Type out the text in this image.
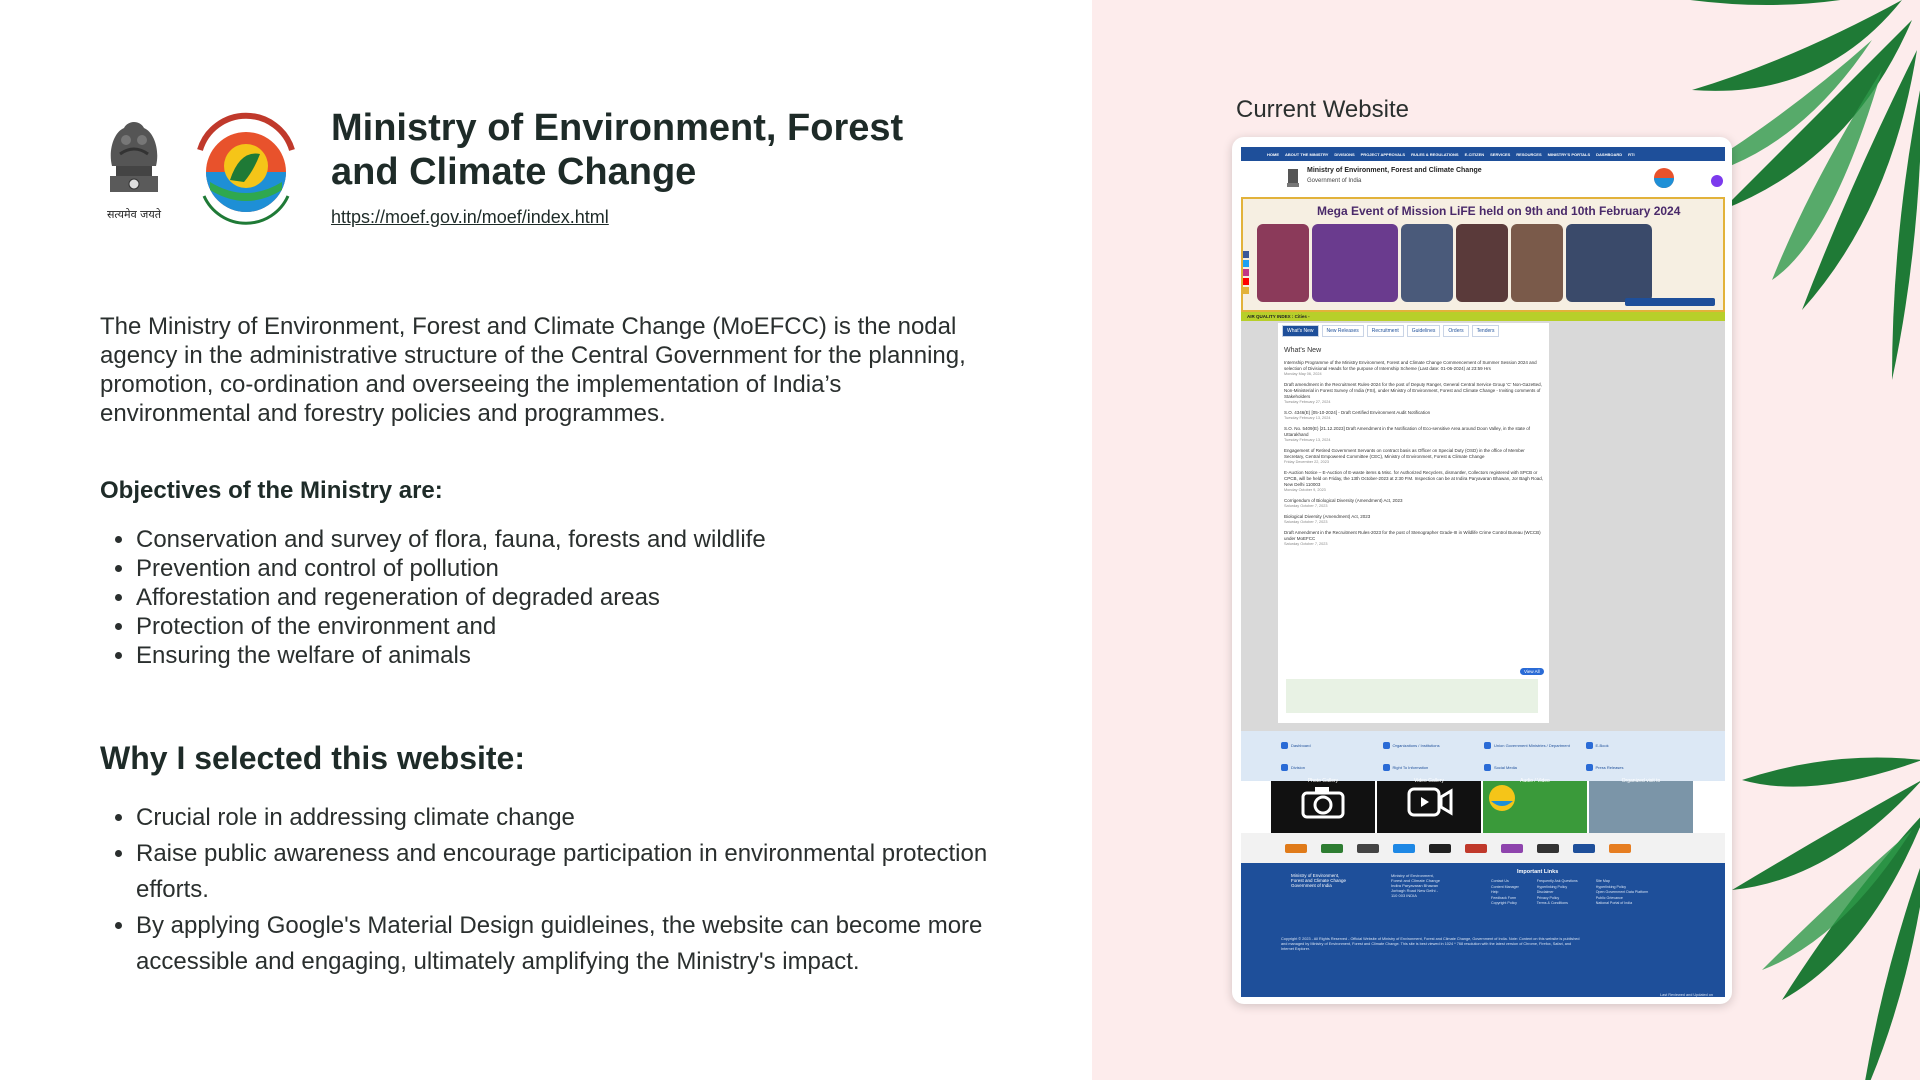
सत्यमेव जयते
Ministry of Environment, Forest
and Climate Change
https://moef.gov.in/moef/index.html

The Ministry of Environment, Forest and Climate Change (MoEFCC) is the nodal agency in the administrative structure of the Central Government for the planning, promotion, co-ordination and overseeing the implementation of India’s environmental and forestry policies and programmes.

Objectives of the Ministry are:
• Conservation and survey of flora, fauna, forests and wildlife
• Prevention and control of pollution
• Afforestation and regeneration of degraded areas
• Protection of the environment and
• Ensuring the welfare of animals
Why I selected this website:
• Crucial role in addressing climate change
• Raise public awareness and encourage participation in environmental protection efforts.
• By applying Google's Material Design guidleines, the website can become more accessible and engaging, ultimately amplifying the Ministry's impact.
Current Website
HOME ABOUT THE MINISTRY DIVISIONS PROJECT APPROVALS RULES & REGULATIONS E-CITIZEN SERVICES RESOURCES MINISTRY'S PORTALS DASHBOARD RTI
Ministry of Environment, Forest and Climate Change
Government of India
Mega Event of Mission LiFE held on 9th and 10th February 2024
AIR QUALITY INDEX : Cities -
What's New	New Releases	Recruitment	Guidelines	Orders	Tenders
What's New
Internship Programme of the Ministry Environment, Forest and Climate Change Commencement of Summer Session 2024 and selection of Divisional Heads for the purpose of Internship Scheme (Last date: 01-06-2024) at 23:59 Hrs
Monday May 06, 2024
Draft amendment in the Recruitment Rules-2024 for the post of Deputy Ranger, General Central Service Group 'C' Non-Gazetted, Non-Ministerial in Forest Survey of India (FSI), under Ministry of Environment, Forest and Climate Change - Inviting comments of Stakeholders
Tuesday February 27, 2024
S.O. 4346(E) [05-10-2024] - Draft Certified Environment Audit Notification
Tuesday February 13, 2024
S.O. No. 5409(E) [21.12.2023] Draft Amendment in the Notification of Eco-sensitive Area around Doon Valley, in the state of Uttarakhand
Tuesday February 13, 2024
Engagement of Retired Government Servants on contract basis as Officer on Special Duty (OSD) in the office of Member Secretary, Central Empowered Committee (CEC), Ministry of Environment, Forest & Climate Change
Friday December 22, 2023
E-Auction Notice – E-Auction of E-waste items & Misc. for Authorized Recyclers, dismantler, Collectors registered with SPCB or CPCB, will be held on Friday, the 13th October-2023 at 2:30 P.M. Inspection can be at Indira Paryavaran Bhawan, Jor Bagh Road, New Delhi 110003
Monday October 9, 2023
Corrigendum of Biological Diversity (Amendment) Act, 2023
Saturday October 7, 2023
Biological Diversity (Amendment) Act, 2023
Saturday October 7, 2023
Draft Amendment in the Recruitment Rules-2023 for the post of Stenographer Grade-III in Wildlife Crime Control Bureau (WCCB) under MoEFCC
Saturday October 7, 2023
View All
Dashboard	Organizations / Institutions	Union Government Ministries / Department	E-Book
Division	Right To Information	Social Media	Press Releases
Photo Gallery	Video Gallery	Audio / Video	Organized visit to
Ministry of Environment, Forest and Climate Change Government of India
Ministry of Environment, Forest and Climate Change Indira Paryavaran Bhawan Jorbagh Road New Delhi - 110 003 INDIA
Important Links
Contact Us
Content Manager
Help
Feedback Form
Copyright Policy
Frequently Ask Questions
Hyperlinking Policy
Disclaimer
Privacy Policy
Terms & Conditions
Site Map
Hyperlinking Policy
Open Government Data Platform
Public Grievance
National Portal of India
Copyright © 2023 - All Rights Reserved - Official Website of Ministry of Environment, Forest and Climate Change, Government of India. Note: Content on this website is published and managed by Ministry of Environment, Forest and Climate Change. This site is best viewed in 1024 * 768 resolution with the latest version of Chrome, Firefox, Safari, and Internet Explorer.
Last Reviewed and Updated on
